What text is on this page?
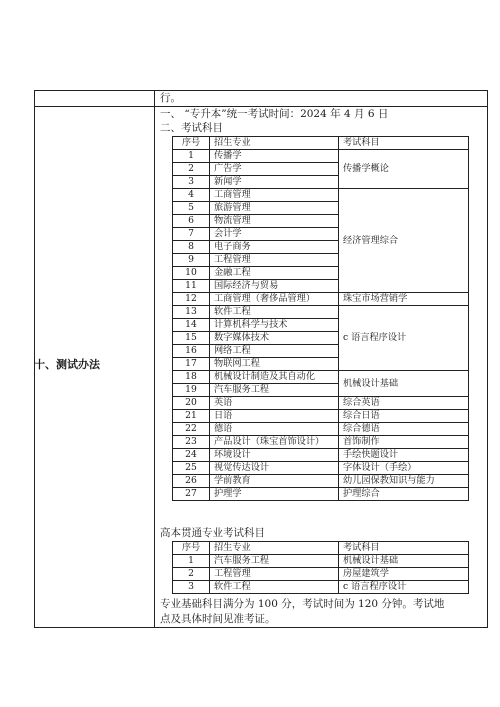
行。
十、测试办法
一、 “专升本”统一考试时间：2024 年 4 月 6 日
二、考试科目
序号	招生专业	考试科目
1	传播学	传播学概论
2	广告学	
3	新闻学	
4	工商管理	经济管理综合
5	旅游管理	
6	物流管理	
7	会计学	
8	电子商务	
9	工程管理	
10	金融工程	
11	国际经济与贸易	
12	工商管理（奢侈品管理）	珠宝市场营销学
13	软件工程	c 语言程序设计
14	计算机科学与技术	
15	数字媒体技术	
16	网络工程	
17	物联网工程	
18	机械设计制造及其自动化	机械设计基础
19	汽车服务工程	
20	英语	综合英语
21	日语	综合日语
22	德语	综合德语
23	产品设计（珠宝首饰设计）	首饰制作
24	环境设计	手绘快题设计
25	视觉传达设计	字体设计（手绘）
26	学前教育	幼儿园保教知识与能力
27	护理学	护理综合
高本贯通专业考试科目
序号	招生专业	考试科目
1	汽车服务工程	机械设计基础
2	工程管理	房屋建筑学
3	软件工程	c 语言程序设计
专业基础科目满分为 100 分，考试时间为 120 分钟。考试地
点及具体时间见准考证。
